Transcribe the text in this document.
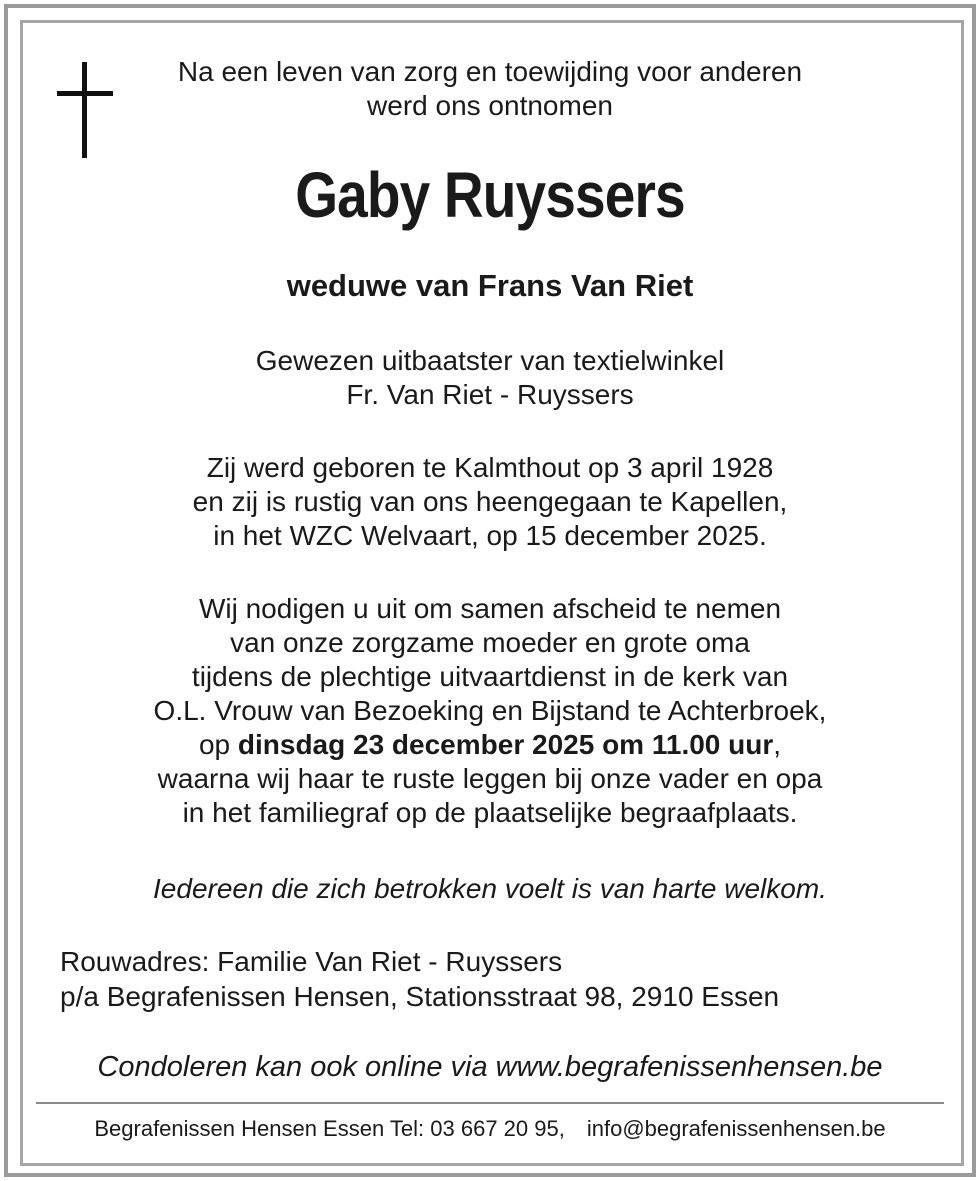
Na een leven van zorg en toewijding voor anderen
werd ons ontnomen
Gaby Ruyssers
weduwe van Frans Van Riet
Gewezen uitbaatster van textielwinkel
Fr. Van Riet - Ruyssers
Zij werd geboren te Kalmthout op 3 april 1928
en zij is rustig van ons heengegaan te Kapellen,
in het WZC Welvaart, op 15 december 2025.
Wij nodigen u uit om samen afscheid te nemen
van onze zorgzame moeder en grote oma
tijdens de plechtige uitvaartdienst in de kerk van
O.L. Vrouw van Bezoeking en Bijstand te Achterbroek,
op dinsdag 23 december 2025 om 11.00 uur,
waarna wij haar te ruste leggen bij onze vader en opa
in het familiegraf op de plaatselijke begraafplaats.
Iedereen die zich betrokken voelt is van harte welkom.
Rouwadres: Familie Van Riet - Ruyssers
p/a Begrafenissen Hensen, Stationsstraat 98, 2910 Essen
Condoleren kan ook online via www.begrafenissenhensen.be
Begrafenissen Hensen Essen Tel: 03 667 20 95, info@begrafenissenhensen.be
